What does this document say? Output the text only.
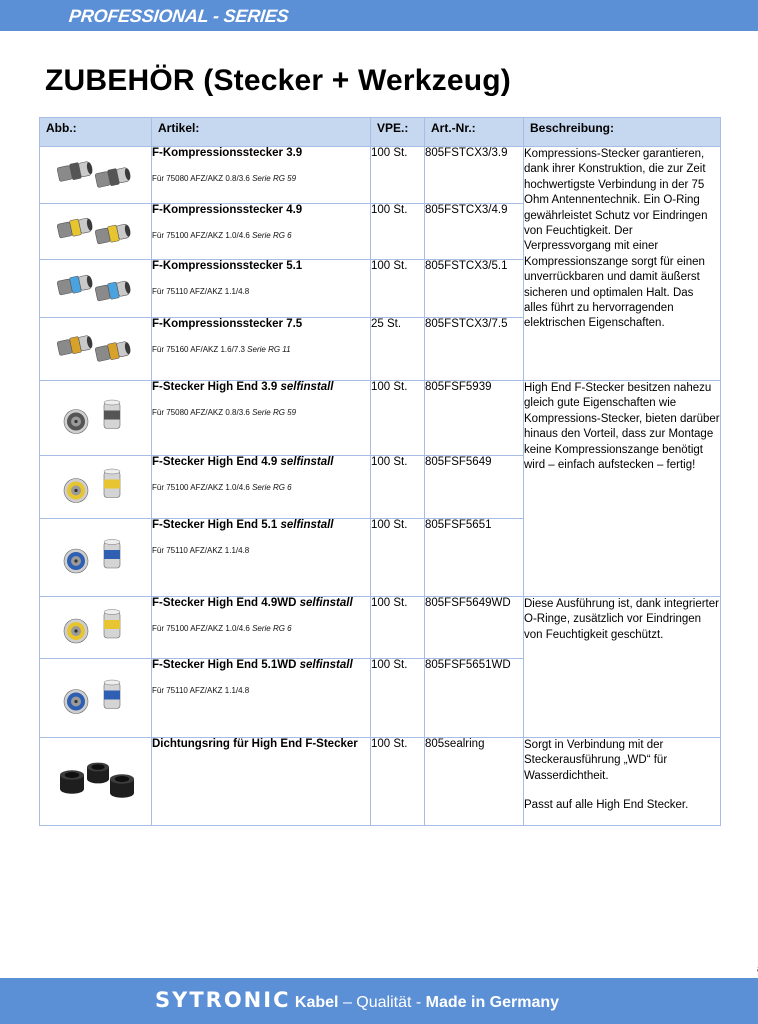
PROFESSIONAL - SERIES
ZUBEHÖR (Stecker + Werkzeug)
Abb.:	Artikel:	VPE.:	Art.-Nr.:	Beschreibung:

F-Kompressionsstecker 3.9
Für 75080 AFZ/AKZ 0.8/3.6 Serie RG 59	100 St.	805FSTCX3/3.9	Kompressions-Stecker garantieren, dank ihrer Konstruktion, die zur Zeit hochwertigste Verbindung in der 75 Ohm Antennentechnik. Ein O-Ring gewährleistet Schutz vor Eindringen von Feuchtigkeit. Der Verpressvorgang mit einer Kompressionszange sorgt für einen unverrückbaren und damit äußerst sicheren und optimalen Halt. Das alles führt zu hervorragenden elektrischen Eigenschaften.

F-Kompressionsstecker 4.9
Für 75100 AFZ/AKZ 1.0/4.6 Serie RG 6	100 St.	805FSTCX3/4.9	

F-Kompressionsstecker 5.1
Für 75110 AFZ/AKZ 1.1/4.8	100 St.	805FSTCX3/5.1	

F-Kompressionsstecker 7.5
Für 75160 AF/AKZ 1.6/7.3 Serie RG 11	25 St.	805FSTCX3/7.5	

F-Stecker High End 3.9 selfinstall
Für 75080 AFZ/AKZ 0.8/3.6 Serie RG 59	100 St.	805FSF5939	High End F-Stecker besitzen nahezu gleich gute Eigenschaften wie Kompressions-Stecker, bieten darüber hinaus den Vorteil, dass zur Montage keine Kompressionszange benötigt wird – einfach aufstecken – fertig!

F-Stecker High End 4.9 selfinstall
Für 75100 AFZ/AKZ 1.0/4.6 Serie RG 6	100 St.	805FSF5649	

F-Stecker High End 5.1 selfinstall
Für 75110 AFZ/AKZ 1.1/4.8	100 St.	805FSF5651	

F-Stecker High End 4.9WD selfinstall
Für 75100 AFZ/AKZ 1.0/4.6 Serie RG 6	100 St.	805FSF5649WD	Diese Ausführung ist, dank integrierter O-Ringe, zusätzlich vor Eindringen von Feuchtigkeit geschützt.

F-Stecker High End 5.1WD selfinstall
Für 75110 AFZ/AKZ 1.1/4.8	100 St.	805FSF5651WD	

Dichtungsring für High End F-Stecker	100 St.	805sealring	Sorgt in Verbindung mit der Steckerausführung „WD“ für Wasserdichtheit.

Passt auf alle High End Stecker.

SYTRONIC Kabel – Qualität - Made in Germany
